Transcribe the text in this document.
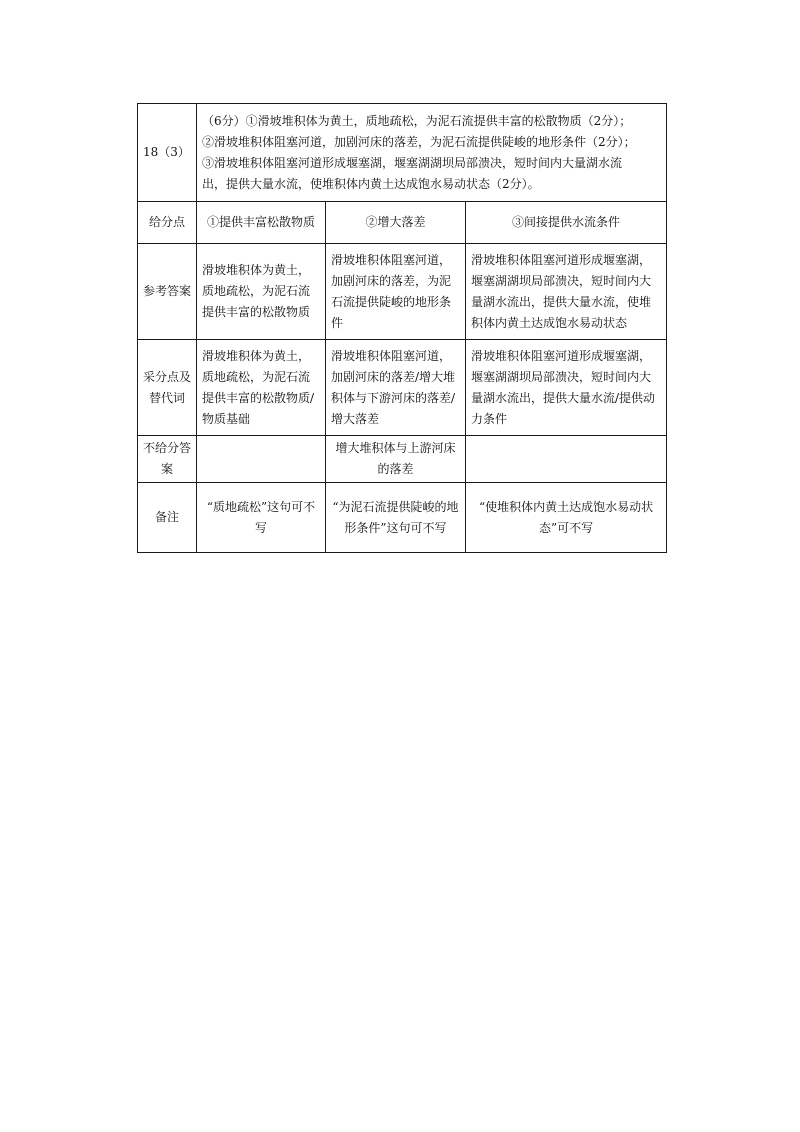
18（3）	（6分）①滑坡堆积体为黄土，质地疏松，为泥石流提供丰富的松散物质（2分）；
②滑坡堆积体阻塞河道，加剧河床的落差，为泥石流提供陡峻的地形条件（2分）；
③滑坡堆积体阻塞河道形成堰塞湖，堰塞湖湖坝局部溃决，短时间内大量湖水流
出，提供大量水流，使堆积体内黄土达成饱水易动状态（2分）。		

给分点	①提供丰富松散物质	②增大落差	③间接提供水流条件
参考答案	滑坡堆积体为黄土，质地疏松，为泥石流提供丰富的松散物质	滑坡堆积体阻塞河道，加剧河床的落差，为泥石流提供陡峻的地形条件	滑坡堆积体阻塞河道形成堰塞湖，堰塞湖湖坝局部溃决，短时间内大量湖水流出，提供大量水流，使堆积体内黄土达成饱水易动状态
采分点及替代词	滑坡堆积体为黄土，质地疏松，为泥石流提供丰富的松散物质/物质基础	滑坡堆积体阻塞河道，加剧河床的落差/增大堆积体与下游河床的落差/增大落差	滑坡堆积体阻塞河道形成堰塞湖，堰塞湖湖坝局部溃决，短时间内大量湖水流出，提供大量水流/提供动力条件
不给分答案		增大堆积体与上游河床的落差	
备注	“质地疏松”这句可不写	“为泥石流提供陡峻的地形条件”这句可不写	“使堆积体内黄土达成饱水易动状态”可不写
